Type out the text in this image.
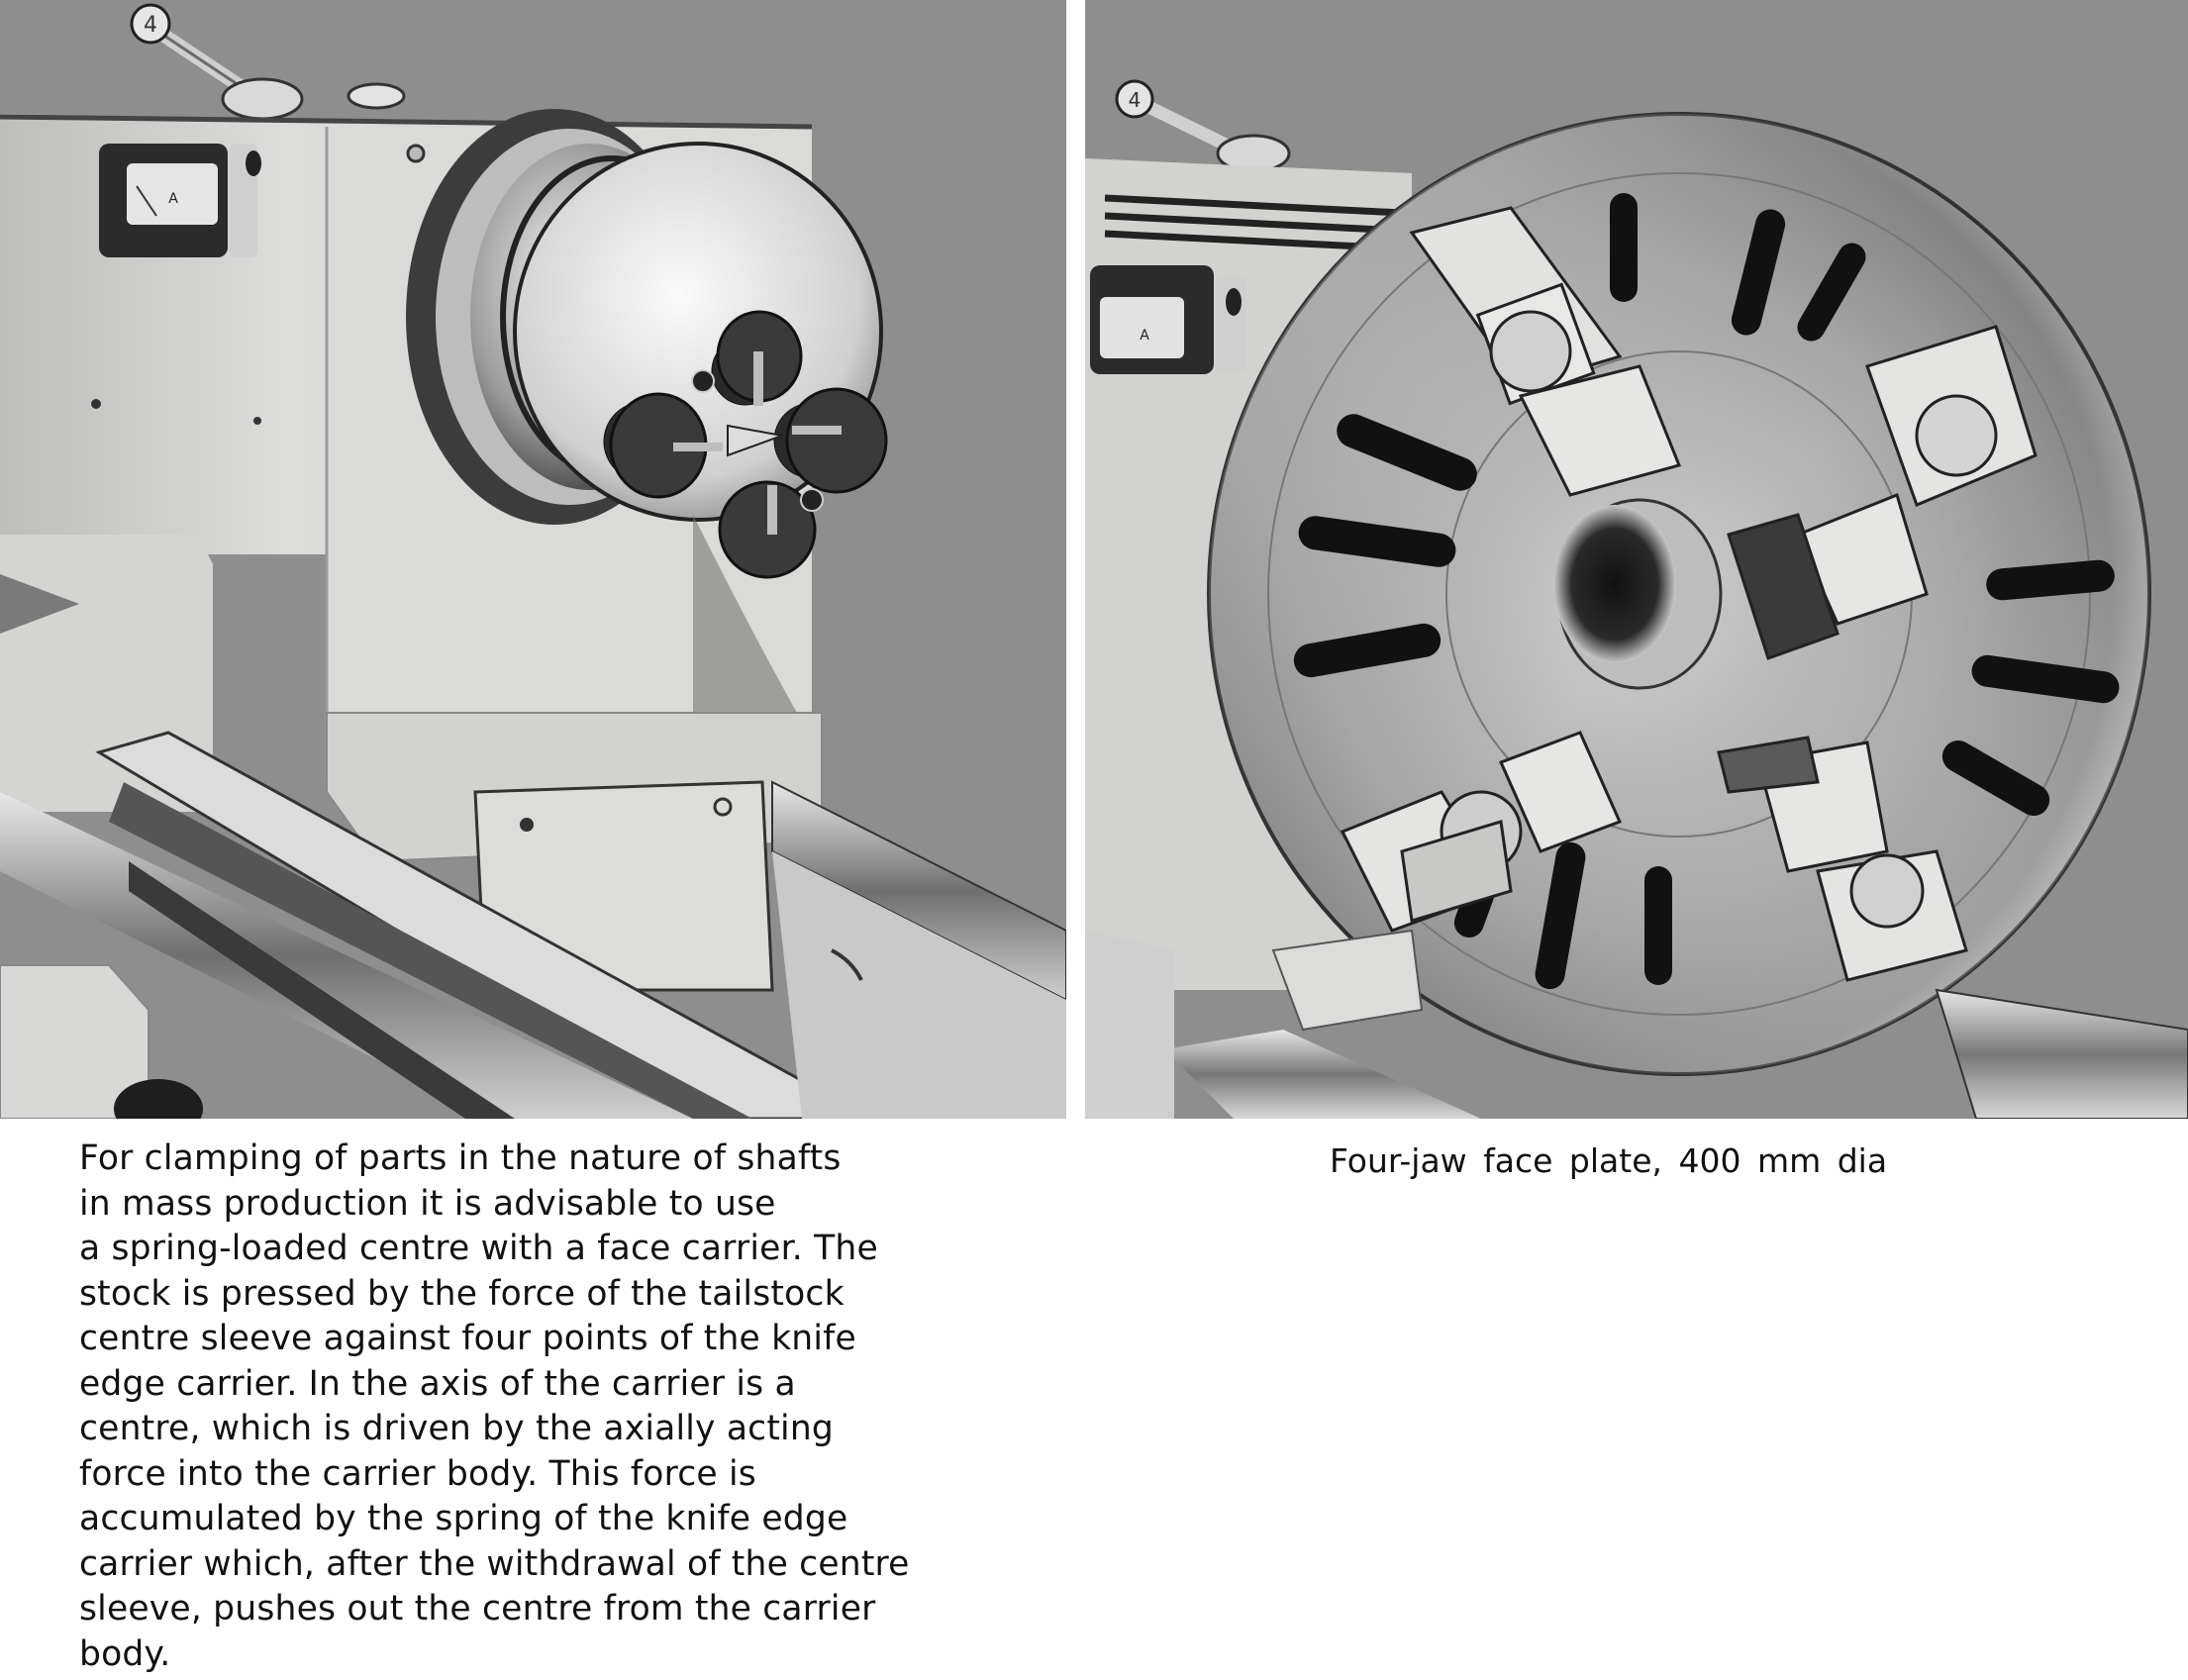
4
A
4
A
For clamping of parts in the nature of shafts
in mass production it is advisable to use
a spring-loaded centre with a face carrier. The
stock is pressed by the force of the tailstock
centre sleeve against four points of the knife
edge carrier. In the axis of the carrier is a
centre, which is driven by the axially acting
force into the carrier body. This force is
accumulated by the spring of the knife edge
carrier which, after the withdrawal of the centre
sleeve, pushes out the centre from the carrier
body.
Four-jaw face plate, 400 mm dia
